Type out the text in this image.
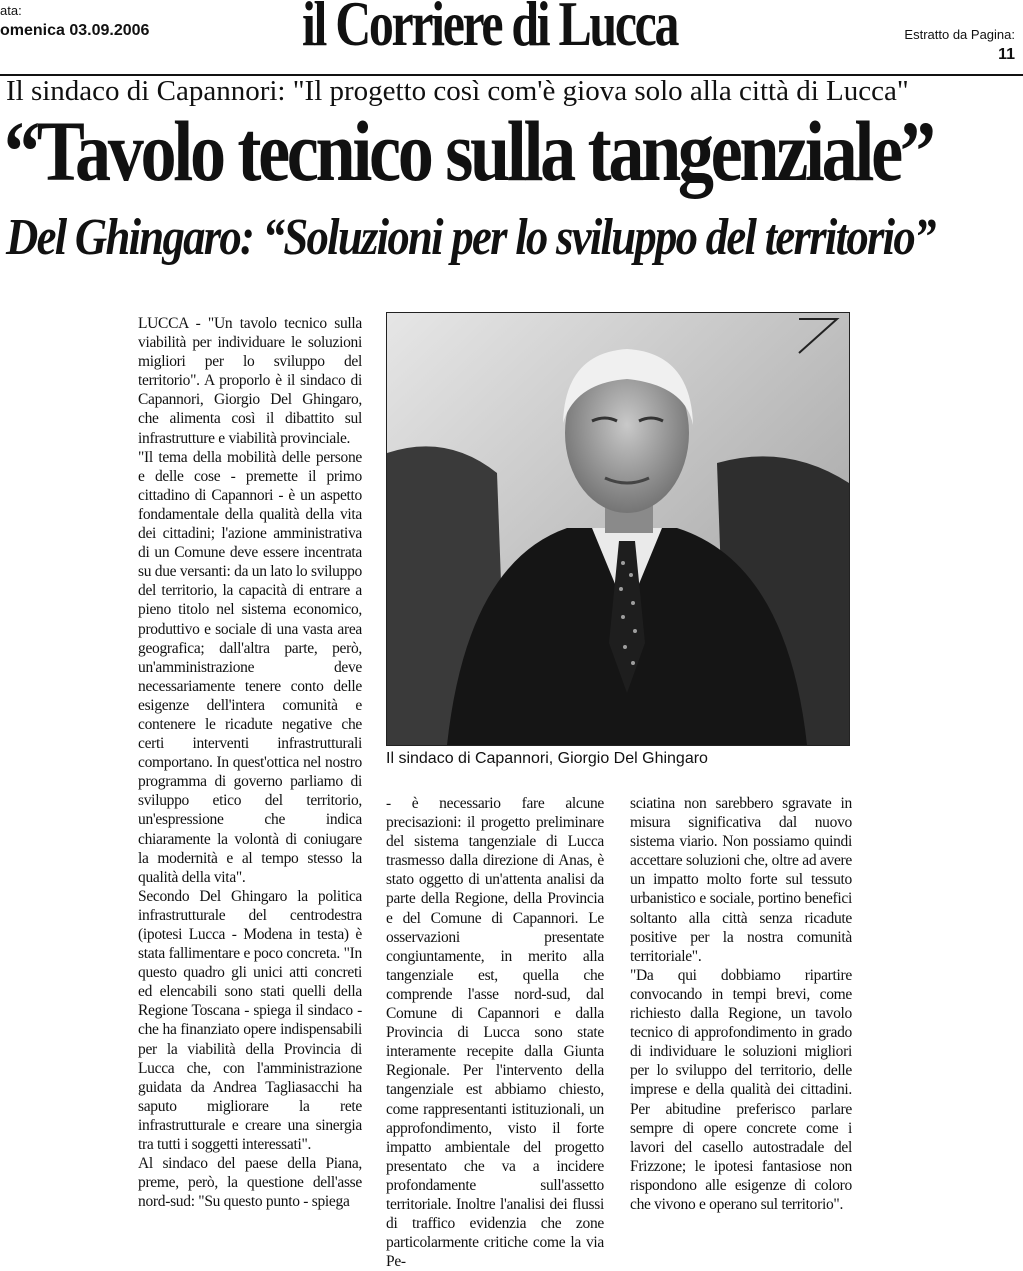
ata:
omenica 03.09.2006 il Corriere di Lucca	Estratto da Pagina:
11
Il sindaco di Capannori: "Il progetto così com'è giova solo alla città di Lucca"
“Tavolo tecnico sulla tangenziale”
Del Ghingaro: “Soluzioni per lo sviluppo del territorio”

LUCCA - "Un tavolo tecnico sulla viabilità per individuare le soluzioni migliori per lo sviluppo del territorio". A proporlo è il sindaco di Capannori, Giorgio Del Ghingaro, che alimenta così il dibattito sul infrastrutture e viabilità provinciale.

"Il tema della mobilità delle persone e delle cose - premette il primo cittadino di Capannori - è un aspetto fondamentale della qualità della vita dei cittadini; l'azione amministrativa di un Comune deve essere incentrata su due versanti: da un lato lo sviluppo del territorio, la capacità di entrare a pieno titolo nel sistema economico, produttivo e sociale di una vasta area geografica; dall'altra parte, però, un'amministrazione deve necessariamente tenere conto delle esigenze dell'intera comunità e contenere le ricadute negative che certi interventi infrastrutturali comportano. In quest'ottica nel nostro programma di governo parliamo di sviluppo etico del territorio, un'espressione che indica chiaramente la volontà di coniugare la modernità e al tempo stesso la qualità della vita".

Secondo Del Ghingaro la politica infrastrutturale del centrodestra (ipotesi Lucca - Modena in testa) è stata fallimentare e poco concreta. "In questo quadro gli unici atti concreti ed elencabili sono stati quelli della Regione Toscana - spiega il sindaco - che ha finanziato opere indispensabili per la viabilità della Provincia di Lucca che, con l'amministrazione guidata da Andrea Tagliasacchi ha saputo migliorare la rete infrastrutturale e creare una sinergia tra tutti i soggetti interessati".

Al sindaco del paese della Piana, preme, però, la questione dell'asse nord-sud: "Su questo punto - spiega

Il sindaco di Capannori, Giorgio Del Ghingaro

- è necessario fare alcune precisazioni: il progetto preliminare del sistema tangenziale di Lucca trasmesso dalla direzione di Anas, è stato oggetto di un'attenta analisi da parte della Regione, della Provincia e del Comune di Capannori. Le osservazioni presentate congiuntamente, in merito alla tangenziale est, quella che comprende l'asse nord-sud, dal Comune di Capannori e dalla Provincia di Lucca sono state interamente recepite dalla Giunta Regionale. Per l'intervento della tangenziale est abbiamo chiesto, come rappresentanti istituzionali, un approfondimento, visto il forte impatto ambientale del progetto presentato che va a incidere profondamente sull'assetto territoriale. Inoltre l'analisi dei flussi di traffico evidenzia che zone particolarmente critiche come la via Pe-

sciatina non sarebbero sgravate in misura significativa dal nuovo sistema viario. Non possiamo quindi accettare soluzioni che, oltre ad avere un impatto molto forte sul tessuto urbanistico e sociale, portino benefici soltanto alla città senza ricadute positive per la nostra comunità territoriale".

"Da qui dobbiamo ripartire convocando in tempi brevi, come richiesto dalla Regione, un tavolo tecnico di approfondimento in grado di individuare le soluzioni migliori per lo sviluppo del territorio, delle imprese e della qualità dei cittadini. Per abitudine preferisco parlare sempre di opere concrete come i lavori del casello autostradale del Frizzone; le ipotesi fantasiose non rispondono alle esigenze di coloro che vivono e operano sul territorio".
